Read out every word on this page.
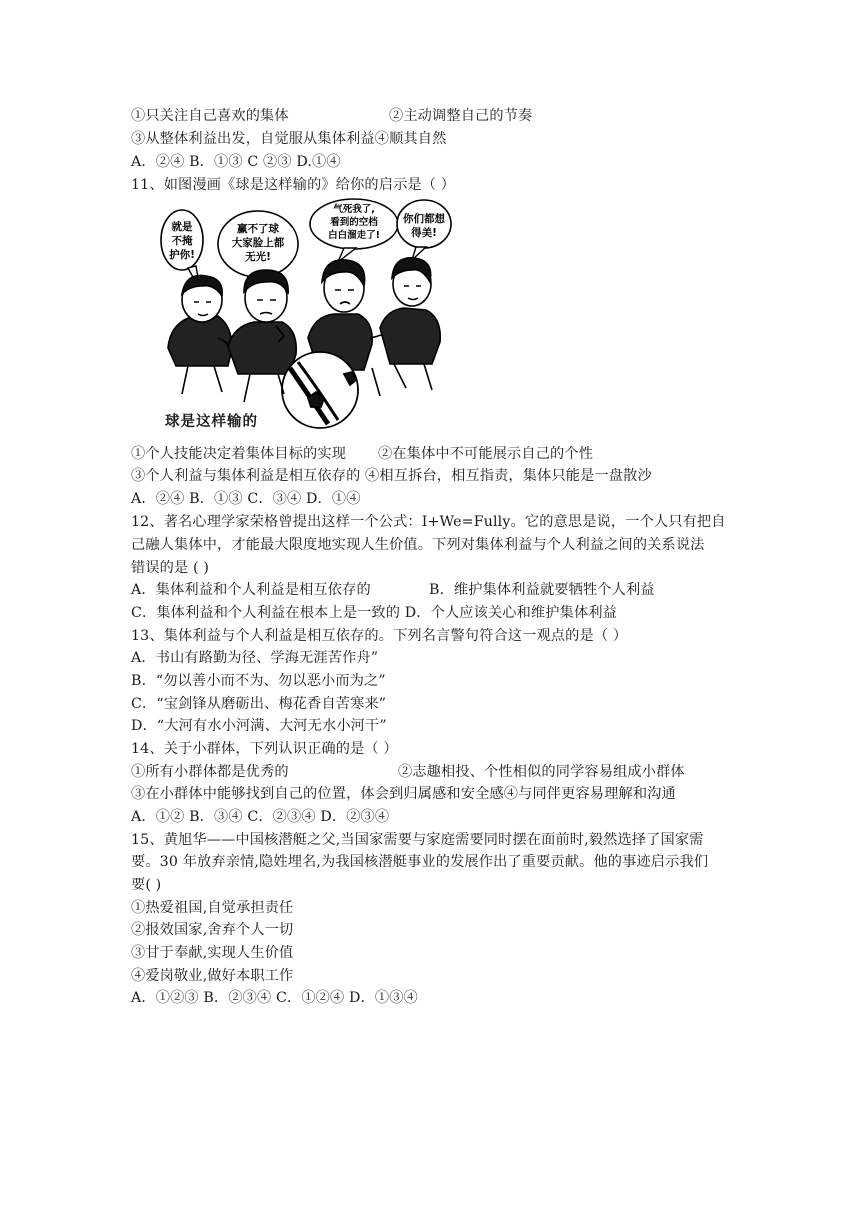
①只关注自己喜欢的集体	②主动调整自己的节奏
③从整体利益出发，自觉服从集体利益④顺其自然
A．②④ B．①③ C ②③ D.①④
11、如图漫画《球是这样输的》给你的启示是（ ）
就是
不掩
护你!
赢不了球
大家脸上都
无光!
气死我了,
看到的空档
白白溜走了!
你们都想
得美!
球是这样输的
①个人技能决定着集体目标的实现 ②在集体中不可能展示自己的个性
③个人利益与集体利益是相互依存的 ④相互拆台，相互指责，集体只能是一盘散沙
A．②④ B．①③ C．③④ D．①④
12、著名心理学家荣格曾提出这样一个公式：I+We=Fully。它的意思是说，一个人只有把自
己融人集体中，才能最大限度地实现人生价值。下列对集体利益与个人利益之间的关系说法
错误的是 ( )
A．集体利益和个人利益是相互依存的	B．维护集体利益就要牺牲个人利益
C．集体利益和个人利益在根本上是一致的 D．个人应该关心和维护集体利益
13、集体利益与个人利益是相互依存的。下列名言警句符合这一观点的是（ ）
A．书山有路勤为径、学海无涯苦作舟”
B．“勿以善小而不为、勿以恶小而为之”
C．“宝剑锋从磨砺出、梅花香自苦寒来”
D．“大河有水小河满、大河无水小河干”
14、关于小群体，下列认识正确的是（ ）
①所有小群体都是优秀的	②志趣相投、个性相似的同学容易组成小群体
③在小群体中能够找到自己的位置，体会到归属感和安全感④与同伴更容易理解和沟通
A．①② B．③④ C．②③④ D．②③④
15、黄旭华——中国核潜艇之父,当国家需要与家庭需要同时摆在面前时,毅然选择了国家需
要。30 年放弃亲情,隐姓埋名,为我国核潜艇事业的发展作出了重要贡献。他的事迹启示我们
要( )
①热爱祖国,自觉承担责任
②报效国家,舍弃个人一切
③甘于奉献,实现人生价值
④爱岗敬业,做好本职工作
A．①②③ B．②③④ C．①②④ D．①③④
